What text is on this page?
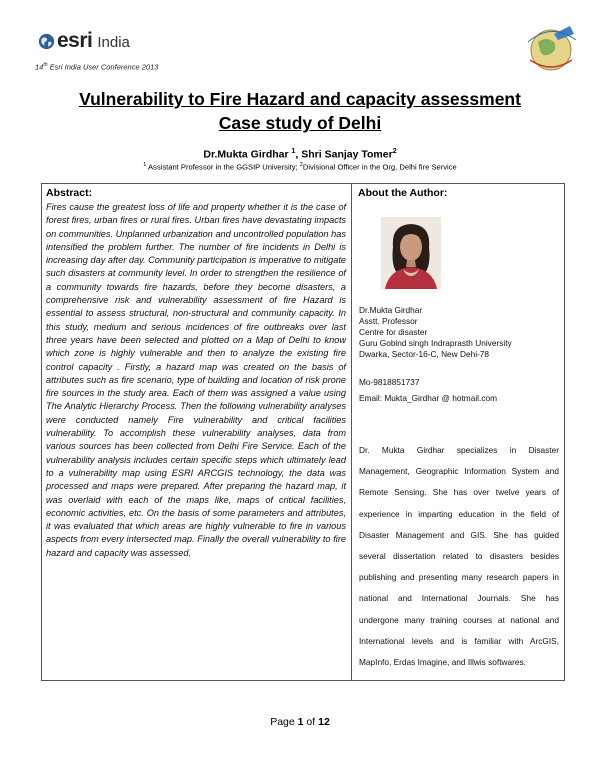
esri India
14th Esri India User Conference 2013
Vulnerability to Fire Hazard and capacity assessment
Case study of Delhi
Dr.Mukta Girdhar $^1$, Shri Sanjay Tomer$^2$
$^1$ Assistant Professor in the GGSIP University; $^2$Divisional Officer in the Org, Delhi fire Service
Abstract:

Fires cause the greatest loss of life and property whether it is the case of forest fires, urban fires or rural fires. Urban fires have devastating impacts on communities. Unplanned urbanization and uncontrolled population has intensified the problem further. The number of fire incidents in Delhi is increasing day after day. Community participation is imperative to mitigate such disasters at community level. In order to strengthen the resilience of a community towards fire hazards, before they become disasters, a comprehensive risk and vulnerability assessment of fire Hazard is essential to assess structural, non-structural and community capacity. In this study, medium and serious incidences of fire outbreaks over last three years have been selected and plotted on a Map of Delhi to know which zone is highly vulnerable and then to analyze the existing fire control capacity . Firstly, a hazard map was created on the basis of attributes such as fire scenario, type of building and location of risk prone fire sources in the study area. Each of them was assigned a value using The Analytic Hierarchy Process. Then the following vulnerability analyses were conducted namely Fire vulnerability and critical facilities vulnerability. To accomplish these vulnerability analyses, data from various sources has been collected from Delhi Fire Service. Each of the vulnerability analysis includes certain specific steps which ultimately lead to a vulnerability map using ESRI ARCGIS technology, the data was processed and maps were prepared. After preparing the hazard map, it was overlaid with each of the maps like, maps of critical facilities, economic activities, etc. On the basis of some parameters and attributes, it was evaluated that which areas are highly vulnerable to fire in various aspects from every intersected map. Finally the overall vulnerability to fire hazard and capacity was assessed.

About the Author:
Dr.Mukta Girdhar
Asstt. Professor
Centre for disaster
Guru Gobind singh Indraprasth University
Dwarka, Sector-16-C, New Dehi-78
Mo-9818851737
Email: Mukta_Girdhar @ hotmail.com

Dr. Mukta Girdhar specializes in Disaster Management, Geographic Information System and Remote Sensing. She has over twelve years of experience in imparting education in the field of Disaster Management and GIS. She has guided several dissertation related to disasters besides publishing and presenting many research papers in national and International Journals. She has undergone many training courses at national and International levels and is familiar with ArcGIS, MapInfo, Erdas Imagine, and Illwis softwares.

Page 1 of 12
